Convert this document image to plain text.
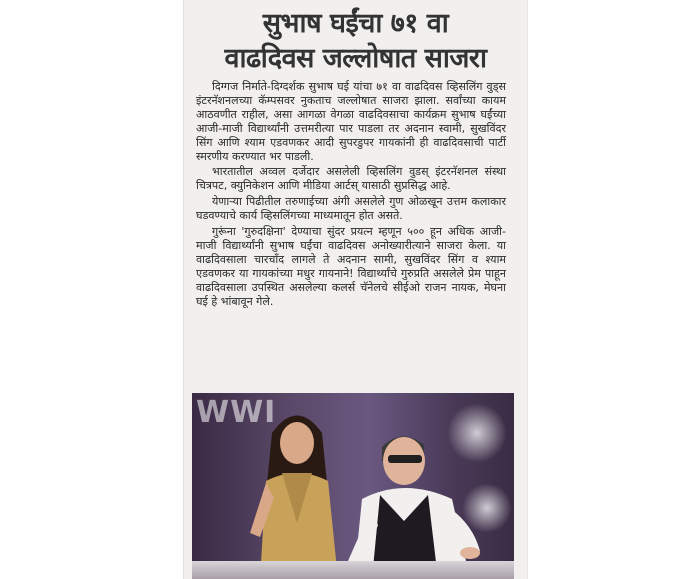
सुभाष घईंचा ७१ वा
वाढदिवस जल्लोषात साजरा

दिग्गज निर्माते-दिग्दर्शक सुभाष घई यांचा ७१ वा वाढदिवस व्हिसलिंग वुड्स इंटरनॅशनलच्या कॅम्पसवर नुकताच जल्लोषात साजरा झाला. सर्वांच्या कायम आठवणीत राहील, असा आगळा वेगळा वाढदिवसाचा कार्यक्रम सुभाष घईंच्या आजी-माजी विद्यार्थ्यांनी उत्तमरीत्या पार पाडला तर अदनान स्वामी, सुखविंदर सिंग आणि श्याम एडवणकर आदी सुपरडुपर गायकांनी ही वाढदिवसाची पार्टी स्मरणीय करण्यात भर पाडली.

भारतातील अव्वल दर्जेदार असलेली व्हिसलिंग वुडस् इंटरनॅशनल संस्था चित्रपट, क्युनिकेशन आणि मीडिया आर्टस् यासाठी सुप्रसिद्ध आहे.

येणाऱ्या पिढीतील तरुणाईच्या अंगी असलेले गुण ओळखून उत्तम कलाकार घडवण्याचे कार्य व्हिसलिंगच्या माध्यमातून होत असते.

गुरूंना 'गुरुदक्षिना' देण्याचा सुंदर प्रयत्न म्हणून ५०० हून अधिक आजी-माजी विद्यार्थ्यांनी सुभाष घईंचा वाढदिवस अनोख्यारीत्याने साजरा केला. या वाढदिवसाला चारचाँद लागले ते अदनान सामी, सुखविंदर सिंग व श्याम एडवणकर या गायकांच्या मधुर गायनाने! विद्यार्थ्यांचे गुरुप्रति असलेले प्रेम पाहून वाढदिवसाला उपस्थित असलेल्या कलर्स चॅनेलचे सीईओ राजन नायक, मेघना घई हे भांबावून गेले.

WWI
